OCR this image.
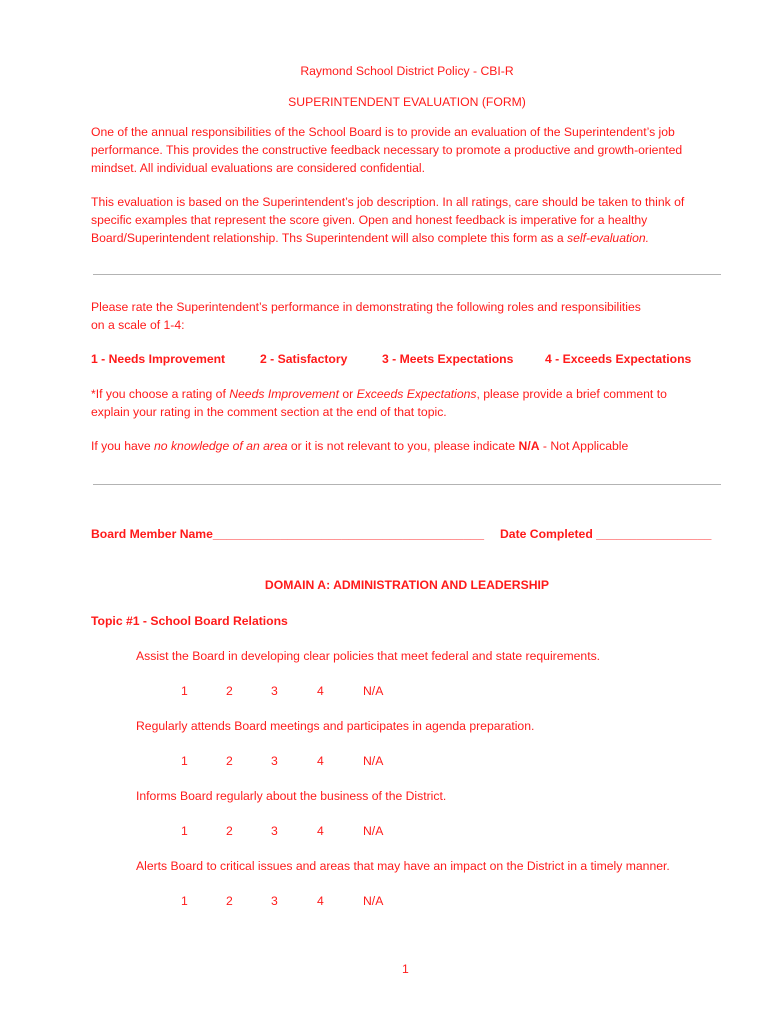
Raymond School District Policy - CBI-R
SUPERINTENDENT EVALUATION (FORM)
One of the annual responsibilities of the School Board is to provide an evaluation of the Superintendent’s job
performance. This provides the constructive feedback necessary to promote a productive and growth-oriented
mindset. All individual evaluations are considered confidential.
This evaluation is based on the Superintendent’s job description. In all ratings, care should be taken to think of
specific examples that represent the score given. Open and honest feedback is imperative for a healthy
Board/Superintendent relationship. Ths Superintendent will also complete this form as a self-evaluation.
Please rate the Superintendent’s performance in demonstrating the following roles and responsibilities
on a scale of 1-4:
1 - Needs Improvement	2 - Satisfactory	3 - Meets Expectations	4 - Exceeds Expectations
*If you choose a rating of Needs Improvement or Exceeds Expectations, please provide a brief comment to
explain your rating in the comment section at the end of that topic.
If you have no knowledge of an area or it is not relevant to you, please indicate N/A - Not Applicable
Board Member Name________________________________________ Date Completed _________________
DOMAIN A: ADMINISTRATION AND LEADERSHIP
Topic #1 - School Board Relations
Assist the Board in developing clear policies that meet federal and state requirements.
1	2	3	4	N/A
Regularly attends Board meetings and participates in agenda preparation.
1	2	3	4	N/A
Informs Board regularly about the business of the District.
1	2	3	4	N/A
Alerts Board to critical issues and areas that may have an impact on the District in a timely manner.
1	2	3	4	N/A
1
